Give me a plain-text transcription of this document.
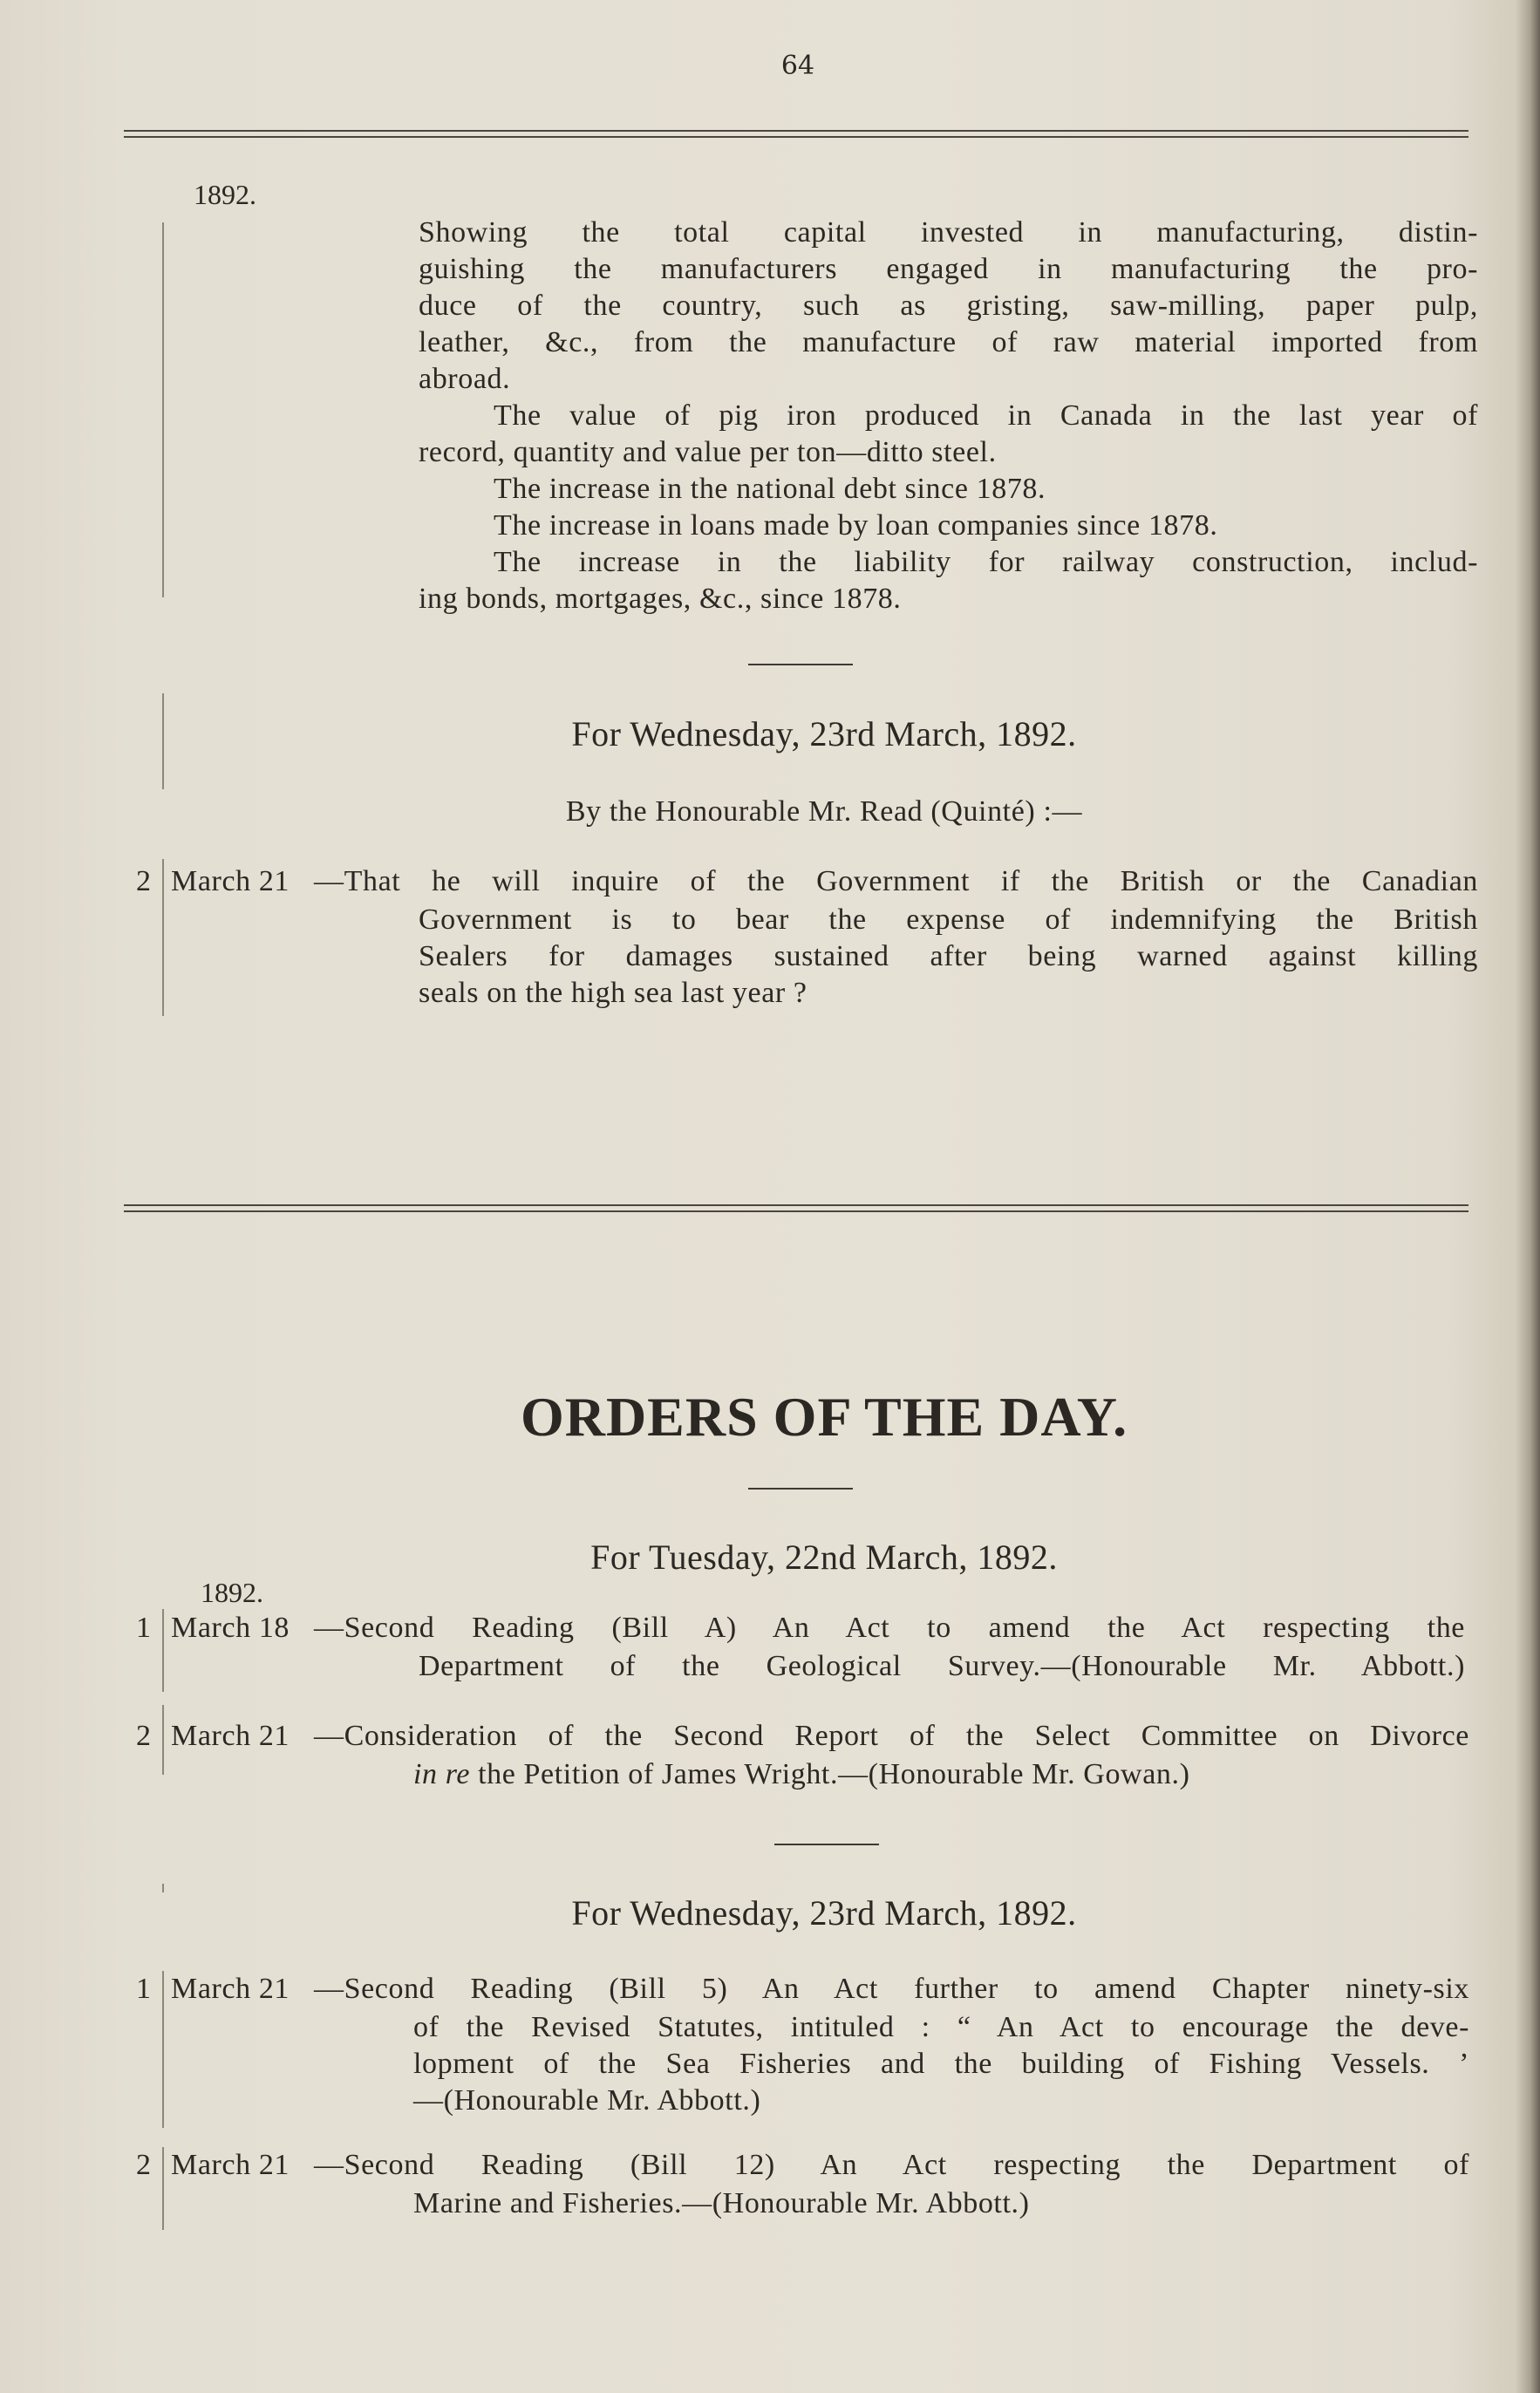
64
1892.
Showing the total capital invested in manufacturing, distin-
guishing the manufacturers engaged in manufacturing the pro-
duce of the country, such as gristing, saw-milling, paper pulp,
leather, &c., from the manufacture of raw material imported from
abroad.
The value of pig iron produced in Canada in the last year of
record, quantity and value per ton—ditto steel.
The increase in the national debt since 1878.
The increase in loans made by loan companies since 1878.
The increase in the liability for railway construction, includ-
ing bonds, mortgages, &c., since 1878.
For Wednesday, 23rd March, 1892.
By the Honourable Mr. Read (Quinté) :—
2 March 21 —That he will inquire of the Government if the British or the Canadian
Government is to bear the expense of indemnifying the British
Sealers for damages sustained after being warned against killing
seals on the high sea last year ?
ORDERS OF THE DAY.
For Tuesday, 22nd March, 1892.
1892.
1 March 18 —Second Reading (Bill A) An Act to amend the Act respecting the
Department of the Geological Survey.—(Honourable Mr. Abbott.)
2 March 21 —Consideration of the Second Report of the Select Committee on Divorce
in re the Petition of James Wright.—(Honourable Mr. Gowan.)
For Wednesday, 23rd March, 1892.
1 March 21 —Second Reading (Bill 5) An Act further to amend Chapter ninety-six
of the Revised Statutes, intituled : “ An Act to encourage the deve-
lopment of the Sea Fisheries and the building of Fishing Vessels. ’
—(Honourable Mr. Abbott.)
2 March 21 —Second Reading (Bill 12) An Act respecting the Department of
Marine and Fisheries.—(Honourable Mr. Abbott.)
